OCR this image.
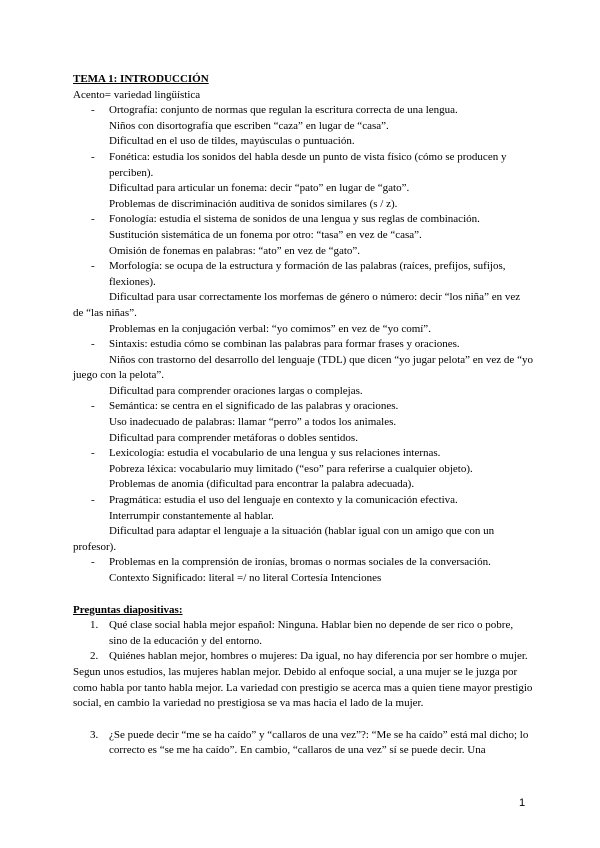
TEMA 1: INTRODUCCIÓN
Acento= variedad lingüística
- Ortografía: conjunto de normas que regulan la escritura correcta de una lengua.
Niños con disortografía que escriben “caza” en lugar de “casa”.
Dificultad en el uso de tildes, mayúsculas o puntuación.
- Fonética: estudia los sonidos del habla desde un punto de vista físico (cómo se producen y perciben).
Dificultad para articular un fonema: decir “pato” en lugar de “gato”.
Problemas de discriminación auditiva de sonidos similares (s / z).
- Fonología: estudia el sistema de sonidos de una lengua y sus reglas de combinación.
Sustitución sistemática de un fonema por otro: “tasa” en vez de “casa”.
Omisión de fonemas en palabras: “ato” en vez de “gato”.
- Morfología: se ocupa de la estructura y formación de las palabras (raíces, prefijos, sufijos, flexiones).
Dificultad para usar correctamente los morfemas de género o número: decir “los niña” en vez de “las niñas”.
Problemas en la conjugación verbal: “yo comimos” en vez de “yo comí”.
- Sintaxis: estudia cómo se combinan las palabras para formar frases y oraciones.
Niños con trastorno del desarrollo del lenguaje (TDL) que dicen “yo jugar pelota” en vez de “yo juego con la pelota”.
Dificultad para comprender oraciones largas o complejas.
- Semántica: se centra en el significado de las palabras y oraciones.
Uso inadecuado de palabras: llamar “perro” a todos los animales.
Dificultad para comprender metáforas o dobles sentidos.
- Lexicología: estudia el vocabulario de una lengua y sus relaciones internas.
Pobreza léxica: vocabulario muy limitado (“eso” para referirse a cualquier objeto).
Problemas de anomia (dificultad para encontrar la palabra adecuada).
- Pragmática: estudia el uso del lenguaje en contexto y la comunicación efectiva.
Interrumpir constantemente al hablar.
Dificultad para adaptar el lenguaje a la situación (hablar igual con un amigo que con un profesor).
- Problemas en la comprensión de ironías, bromas o normas sociales de la conversación.
Contexto Significado: literal =/ no literal Cortesía Intenciones
Preguntas diapositivas:
1. Qué clase social habla mejor español: Ninguna. Hablar bien no depende de ser rico o pobre, sino de la educación y del entorno.
2. Quiénes hablan mejor, hombres o mujeres: Da igual, no hay diferencia por ser hombre o mujer.
Segun unos estudios, las mujeres hablan mejor. Debido al enfoque social, a una mujer se le juzga por como habla por tanto habla mejor. La variedad con prestigio se acerca mas a quien tiene mayor prestigio social, en cambio la variedad no prestigiosa se va mas hacia el lado de la mujer.
3. ¿Se puede decir “me se ha caído” y “callaros de una vez”?: “Me se ha caído” está mal dicho; lo correcto es “se me ha caído”. En cambio, “callaros de una vez” sí se puede decir. Una
1
